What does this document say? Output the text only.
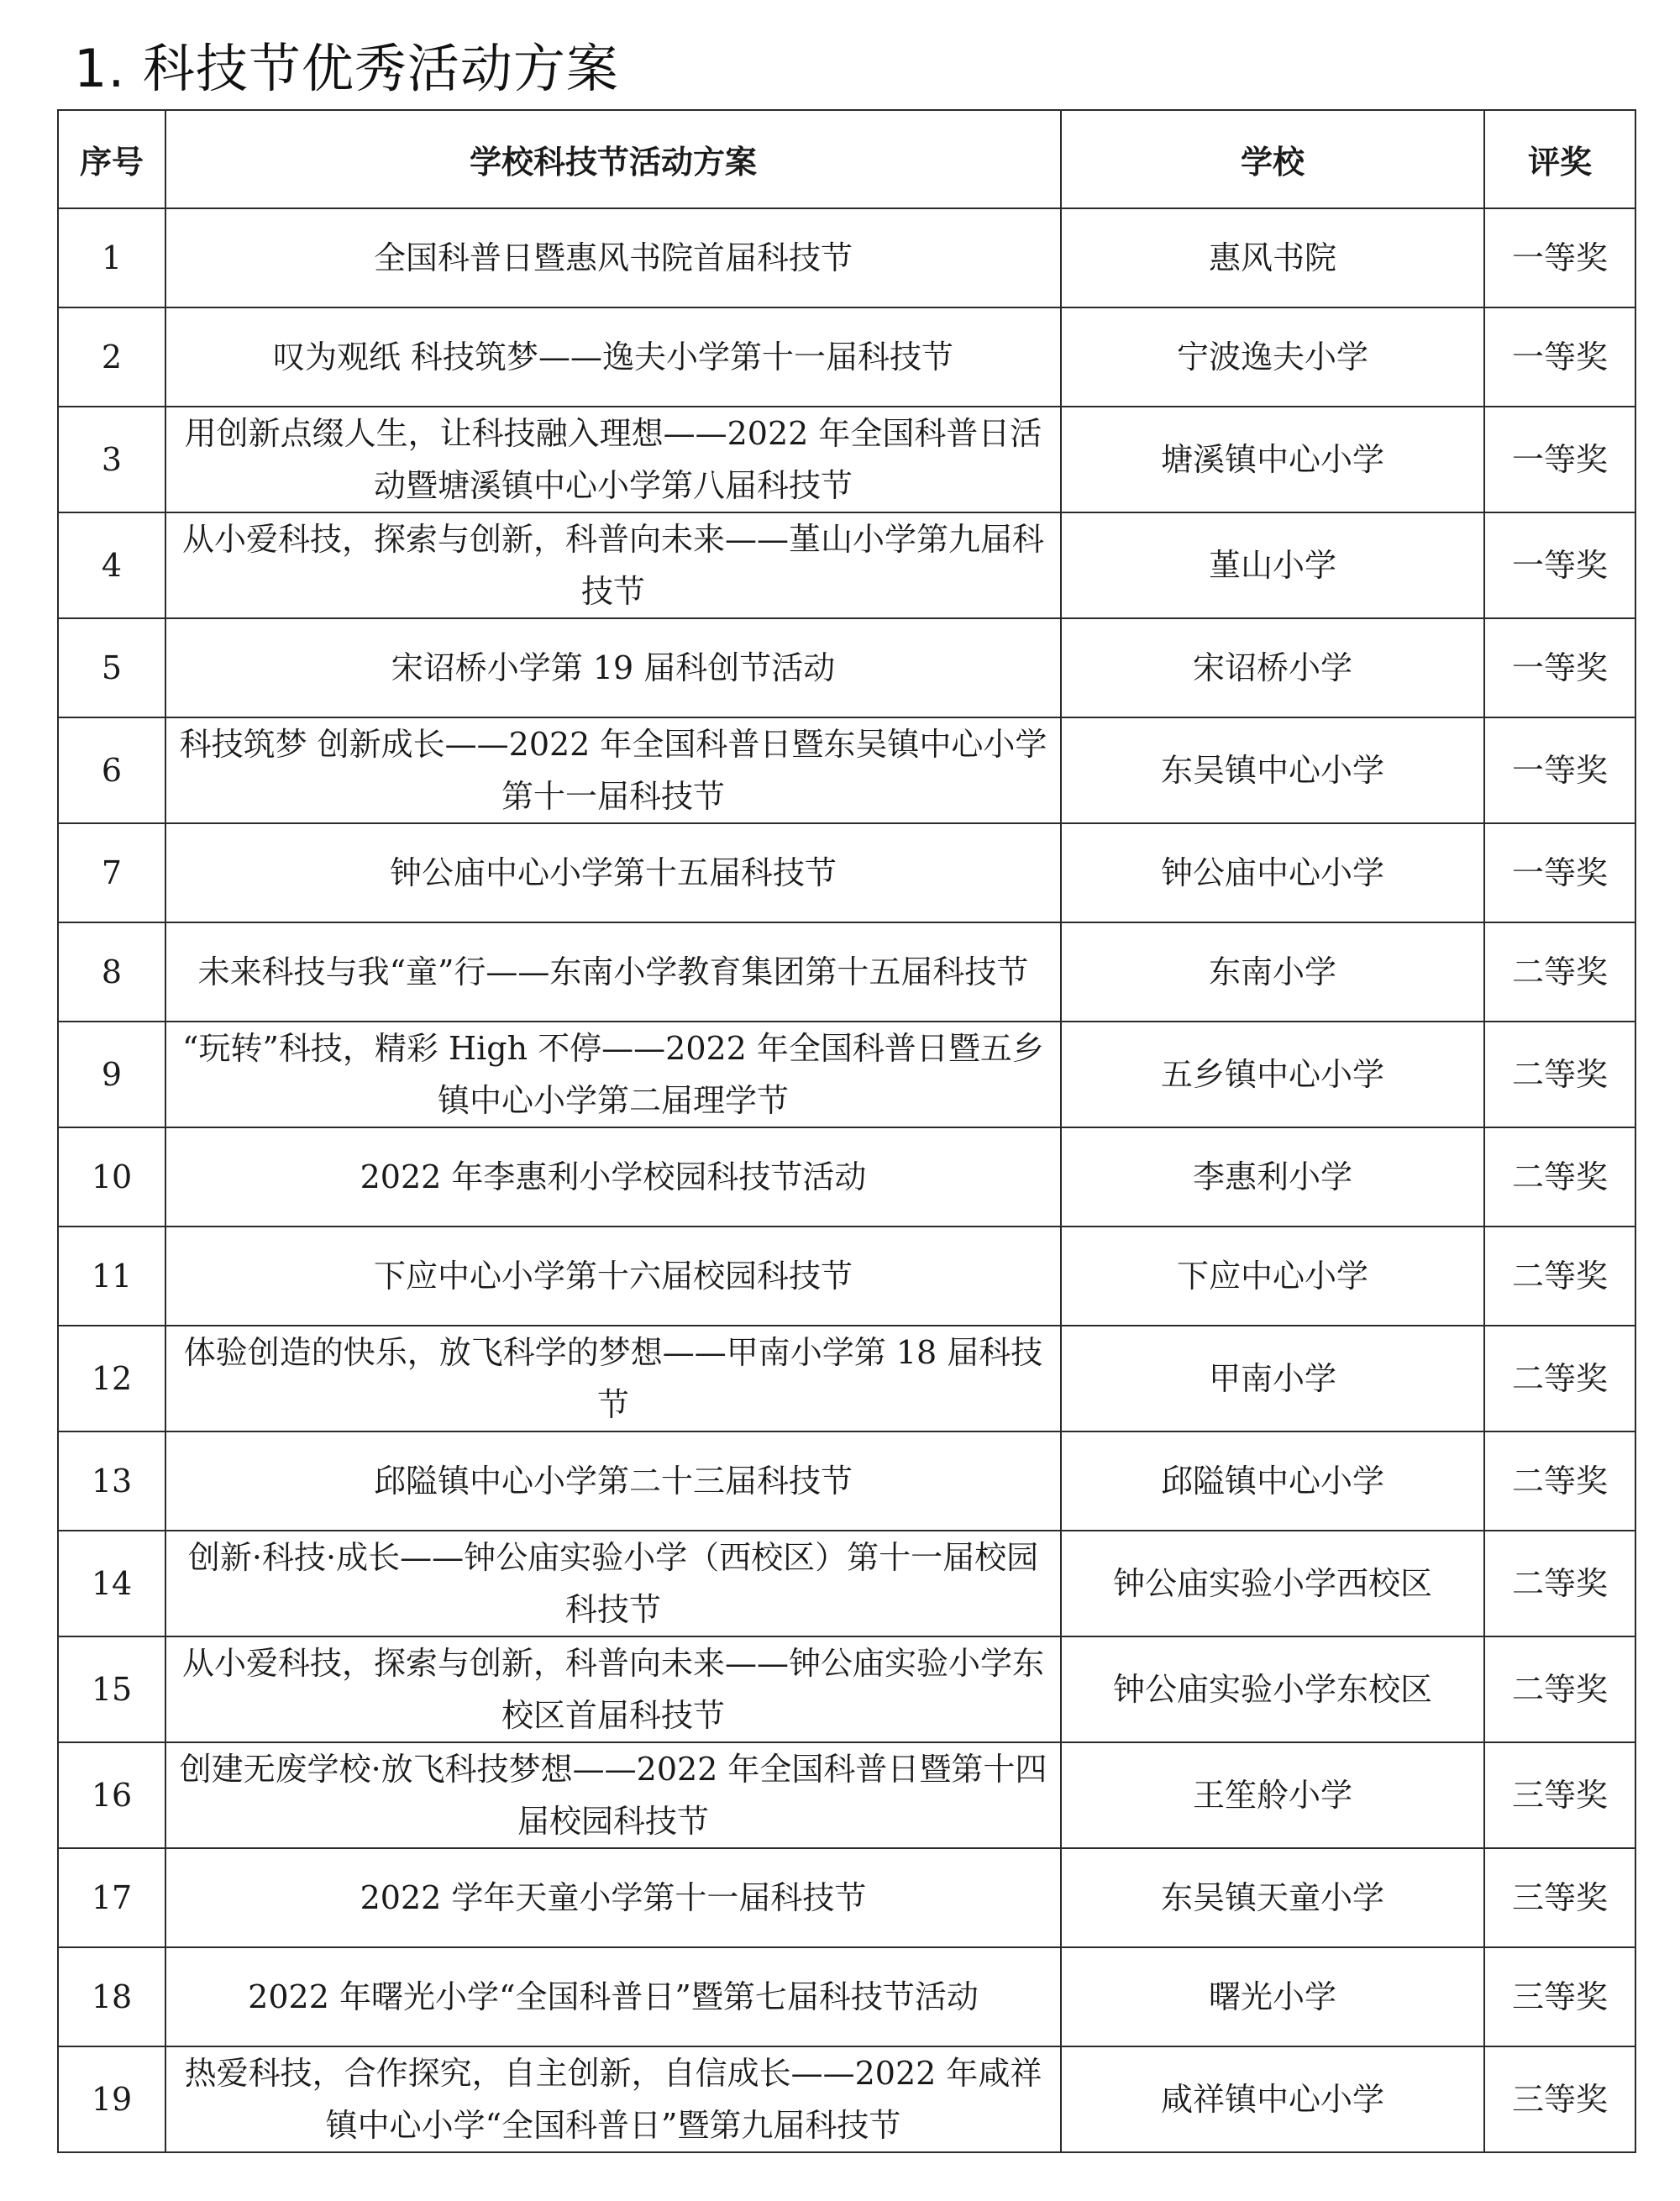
1. 科技节优秀活动方案
序号	学校科技节活动方案	学校	评奖
1	全国科普日暨惠风书院首届科技节	惠风书院	一等奖
2	叹为观纸 科技筑梦——逸夫小学第十一届科技节	宁波逸夫小学	一等奖
3	用创新点缀人生，让科技融入理想——2022 年全国科普日活动暨塘溪镇中心小学第八届科技节	塘溪镇中心小学	一等奖
4	从小爱科技，探索与创新，科普向未来——堇山小学第九届科技节	堇山小学	一等奖
5	宋诏桥小学第 19 届科创节活动	宋诏桥小学	一等奖
6	科技筑梦 创新成长——2022 年全国科普日暨东吴镇中心小学第十一届科技节	东吴镇中心小学	一等奖
7	钟公庙中心小学第十五届科技节	钟公庙中心小学	一等奖
8	未来科技与我“童”行——东南小学教育集团第十五届科技节	东南小学	二等奖
9	“玩转”科技，精彩 High 不停——2022 年全国科普日暨五乡镇中心小学第二届理学节	五乡镇中心小学	二等奖
10	2022 年李惠利小学校园科技节活动	李惠利小学	二等奖
11	下应中心小学第十六届校园科技节	下应中心小学	二等奖
12	体验创造的快乐，放飞科学的梦想——甲南小学第 18 届科技节	甲南小学	二等奖
13	邱隘镇中心小学第二十三届科技节	邱隘镇中心小学	二等奖
14	创新·科技·成长——钟公庙实验小学（西校区）第十一届校园科技节	钟公庙实验小学西校区	二等奖
15	从小爱科技，探索与创新，科普向未来——钟公庙实验小学东校区首届科技节	钟公庙实验小学东校区	二等奖
16	创建无废学校·放飞科技梦想——2022 年全国科普日暨第十四届校园科技节	王笙舲小学	三等奖
17	2022 学年天童小学第十一届科技节	东吴镇天童小学	三等奖
18	2022 年曙光小学“全国科普日”暨第七届科技节活动	曙光小学	三等奖
19	热爱科技，合作探究，自主创新，自信成长——2022 年咸祥镇中心小学“全国科普日”暨第九届科技节	咸祥镇中心小学	三等奖
